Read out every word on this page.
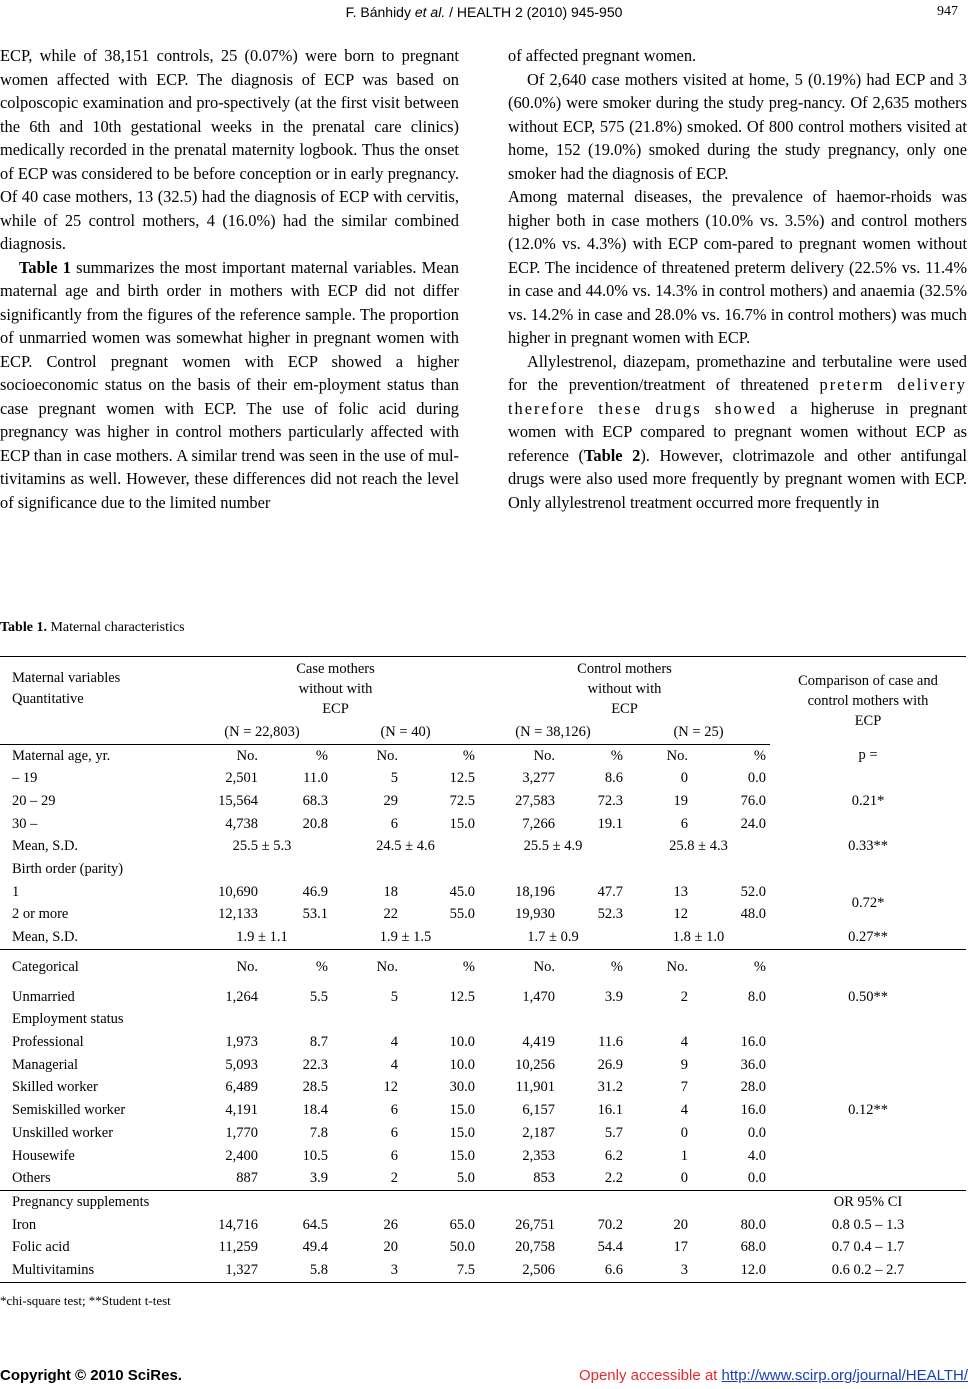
F. Bánhidy et al. / HEALTH 2 (2010) 945-950	947

ECP, while of 38,151 controls, 25 (0.07%) were born to pregnant women affected with ECP. The diagnosis of ECP was based on colposcopic examination and pro-spectively (at the first visit between the 6th and 10th gestational weeks in the prenatal care clinics) medically recorded in the prenatal maternity logbook. Thus the onset of ECP was considered to be before conception or in early pregnancy. Of 40 case mothers, 13 (32.5) had the diagnosis of ECP with cervitis, while of 25 control mothers, 4 (16.0%) had the similar combined diagnosis.

Table 1 summarizes the most important maternal variables. Mean maternal age and birth order in mothers with ECP did not differ significantly from the figures of the reference sample. The proportion of unmarried women was somewhat higher in pregnant women with ECP. Control pregnant women with ECP showed a higher socioeconomic status on the basis of their em-ployment status than case pregnant women with ECP. The use of folic acid during pregnancy was higher in control mothers particularly affected with ECP than in case mothers. A similar trend was seen in the use of mul-tivitamins as well. However, these differences did not reach the level of significance due to the limited number

of affected pregnant women.

Of 2,640 case mothers visited at home, 5 (0.19%) had ECP and 3 (60.0%) were smoker during the study preg-nancy. Of 2,635 mothers without ECP, 575 (21.8%) smoked. Of 800 control mothers visited at home, 152 (19.0%) smoked during the study pregnancy, only one smoker had the diagnosis of ECP.

Among maternal diseases, the prevalence of haemor-rhoids was higher both in case mothers (10.0% vs. 3.5%) and control mothers (12.0% vs. 4.3%) with ECP com-pared to pregnant women without ECP. The incidence of threatened preterm delivery (22.5% vs. 11.4% in case and 44.0% vs. 14.3% in control mothers) and anaemia (32.5% vs. 14.2% in case and 28.0% vs. 16.7% in control mothers) was much higher in pregnant women with ECP.

Allylestrenol, diazepam, promethazine and terbutaline were used for the prevention/treatment of threatened preterm delivery therefore these drugs showed a higheruse in pregnant women with ECP compared to pregnant women without ECP as reference (Table 2). However, clotrimazole and other antifungal drugs were also used more frequently by pregnant women with ECP. Only allylestrenol treatment occurred more frequently in

Table 1. Maternal characteristics
Maternal variables
Quantitative	Case mothers
without with
ECP				Control mothers
without with
ECP				Comparison of case and
control mothers with
ECP
	(N = 22,803)		(N = 40)		(N = 38,126)		(N = 25)		
Maternal age, yr.	No.	%	No.	%	No.	%	No.	%	p =
– 19	2,501	11.0	5	12.5	3,277	8.6	0	0.0	
20 – 29	15,564	68.3	29	72.5	27,583	72.3	19	76.0	0.21*
30 –	4,738	20.8	6	15.0	7,266	19.1	6	24.0	
Mean, S.D.	25.5 ± 5.3		24.5 ± 4.6		25.5 ± 4.9		25.8 ± 4.3		0.33**
Birth order (parity)									
1	10,690	46.9	18	45.0	18,196	47.7	13	52.0	0.72*
2 or more	12,133	53.1	22	55.0	19,930	52.3	12	48.0	
Mean, S.D.	1.9 ± 1.1		1.9 ± 1.5		1.7 ± 0.9		1.8 ± 1.0		0.27**
Categorical	No.	%	No.	%	No.	%	No.	%	
Unmarried	1,264	5.5	5	12.5	1,470	3.9	2	8.0	0.50**
Employment status									
Professional	1,973	8.7	4	10.0	4,419	11.6	4	16.0	0.12**
Managerial	5,093	22.3	4	10.0	10,256	26.9	9	36.0	
Skilled worker	6,489	28.5	12	30.0	11,901	31.2	7	28.0	
Semiskilled worker	4,191	18.4	6	15.0	6,157	16.1	4	16.0	
Unskilled worker	1,770	7.8	6	15.0	2,187	5.7	0	0.0	
Housewife	2,400	10.5	6	15.0	2,353	6.2	1	4.0	
Others	887	3.9	2	5.0	853	2.2	0	0.0	
Pregnancy supplements									OR 95% CI
Iron	14,716	64.5	26	65.0	26,751	70.2	20	80.0	0.8 0.5 – 1.3
Folic acid	11,259	49.4	20	50.0	20,758	54.4	17	68.0	0.7 0.4 – 1.7
Multivitamins	1,327	5.8	3	7.5	2,506	6.6	3	12.0	0.6 0.2 – 2.7
*chi-square test; **Student t-test
Copyright © 2010 SciRes.	Openly accessible at http://www.scirp.org/journal/HEALTH/
